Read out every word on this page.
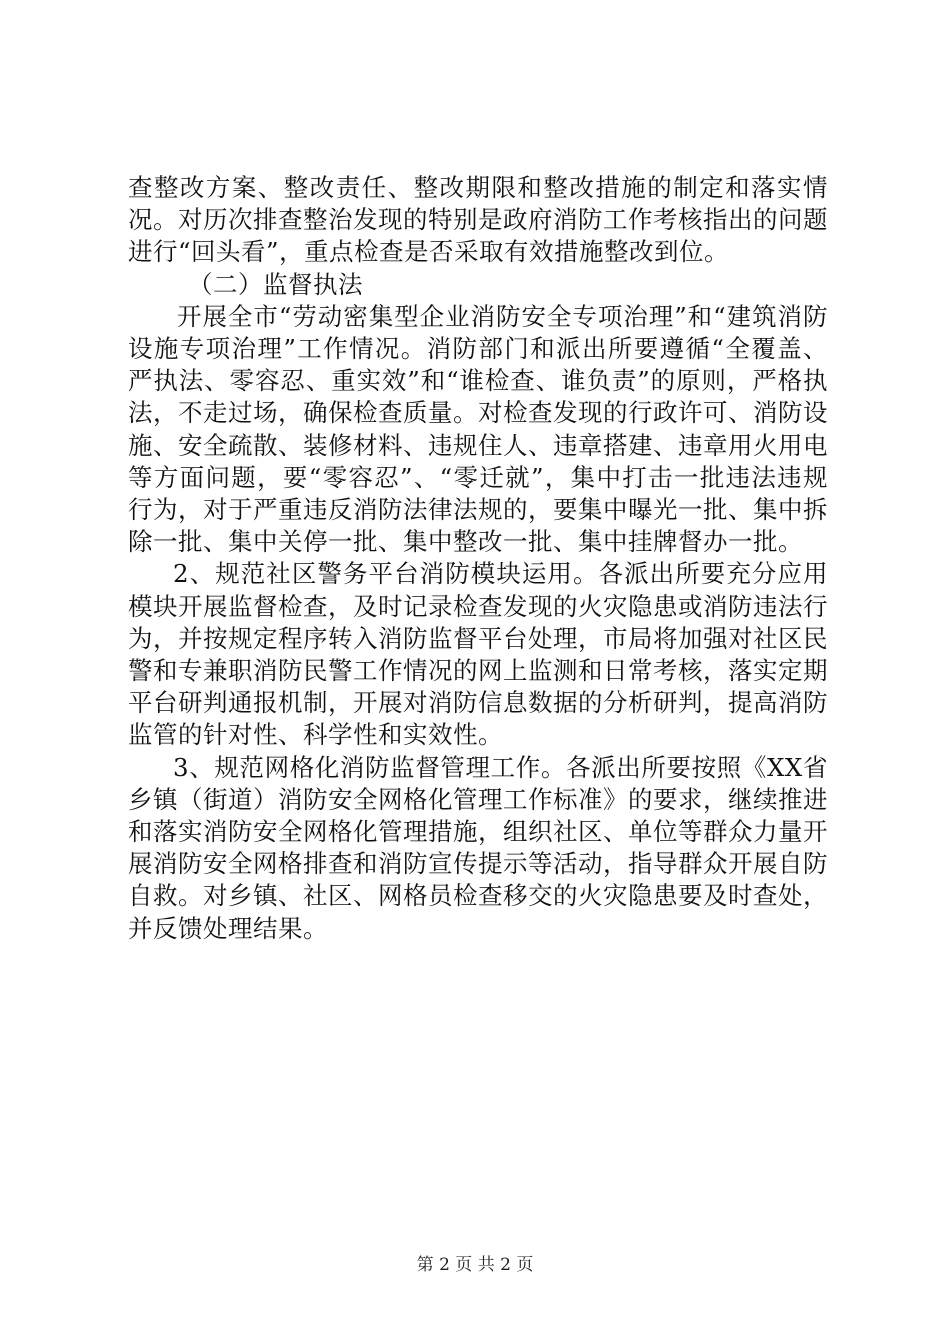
查整改方案、整改责任、整改期限和整改措施的制定和落实情况。对历次排查整治发现的特别是政府消防工作考核指出的问题进行“回头看”，重点检查是否采取有效措施整改到位。

（二）监督执法

开展全市“劳动密集型企业消防安全专项治理”和“建筑消防设施专项治理”工作情况。消防部门和派出所要遵循“全覆盖、严执法、零容忍、重实效”和“谁检查、谁负责”的原则，严格执法，不走过场，确保检查质量。对检查发现的行政许可、消防设施、安全疏散、装修材料、违规住人、违章搭建、违章用火用电等方面问题，要“零容忍”、“零迁就”，集中打击一批违法违规行为，对于严重违反消防法律法规的，要集中曝光一批、集中拆除一批、集中关停一批、集中整改一批、集中挂牌督办一批。

2、规范社区警务平台消防模块运用。各派出所要充分应用模块开展监督检查，及时记录检查发现的火灾隐患或消防违法行为，并按规定程序转入消防监督平台处理，市局将加强对社区民警和专兼职消防民警工作情况的网上监测和日常考核，落实定期平台研判通报机制，开展对消防信息数据的分析研判，提高消防监管的针对性、科学性和实效性。

3、规范网格化消防监督管理工作。各派出所要按照《XX省乡镇（街道）消防安全网格化管理工作标准》的要求，继续推进和落实消防安全网格化管理措施，组织社区、单位等群众力量开展消防安全网格排查和消防宣传提示等活动，指导群众开展自防自救。对乡镇、社区、网格员检查移交的火灾隐患要及时查处，并反馈处理结果。

第 2 页 共 2 页
